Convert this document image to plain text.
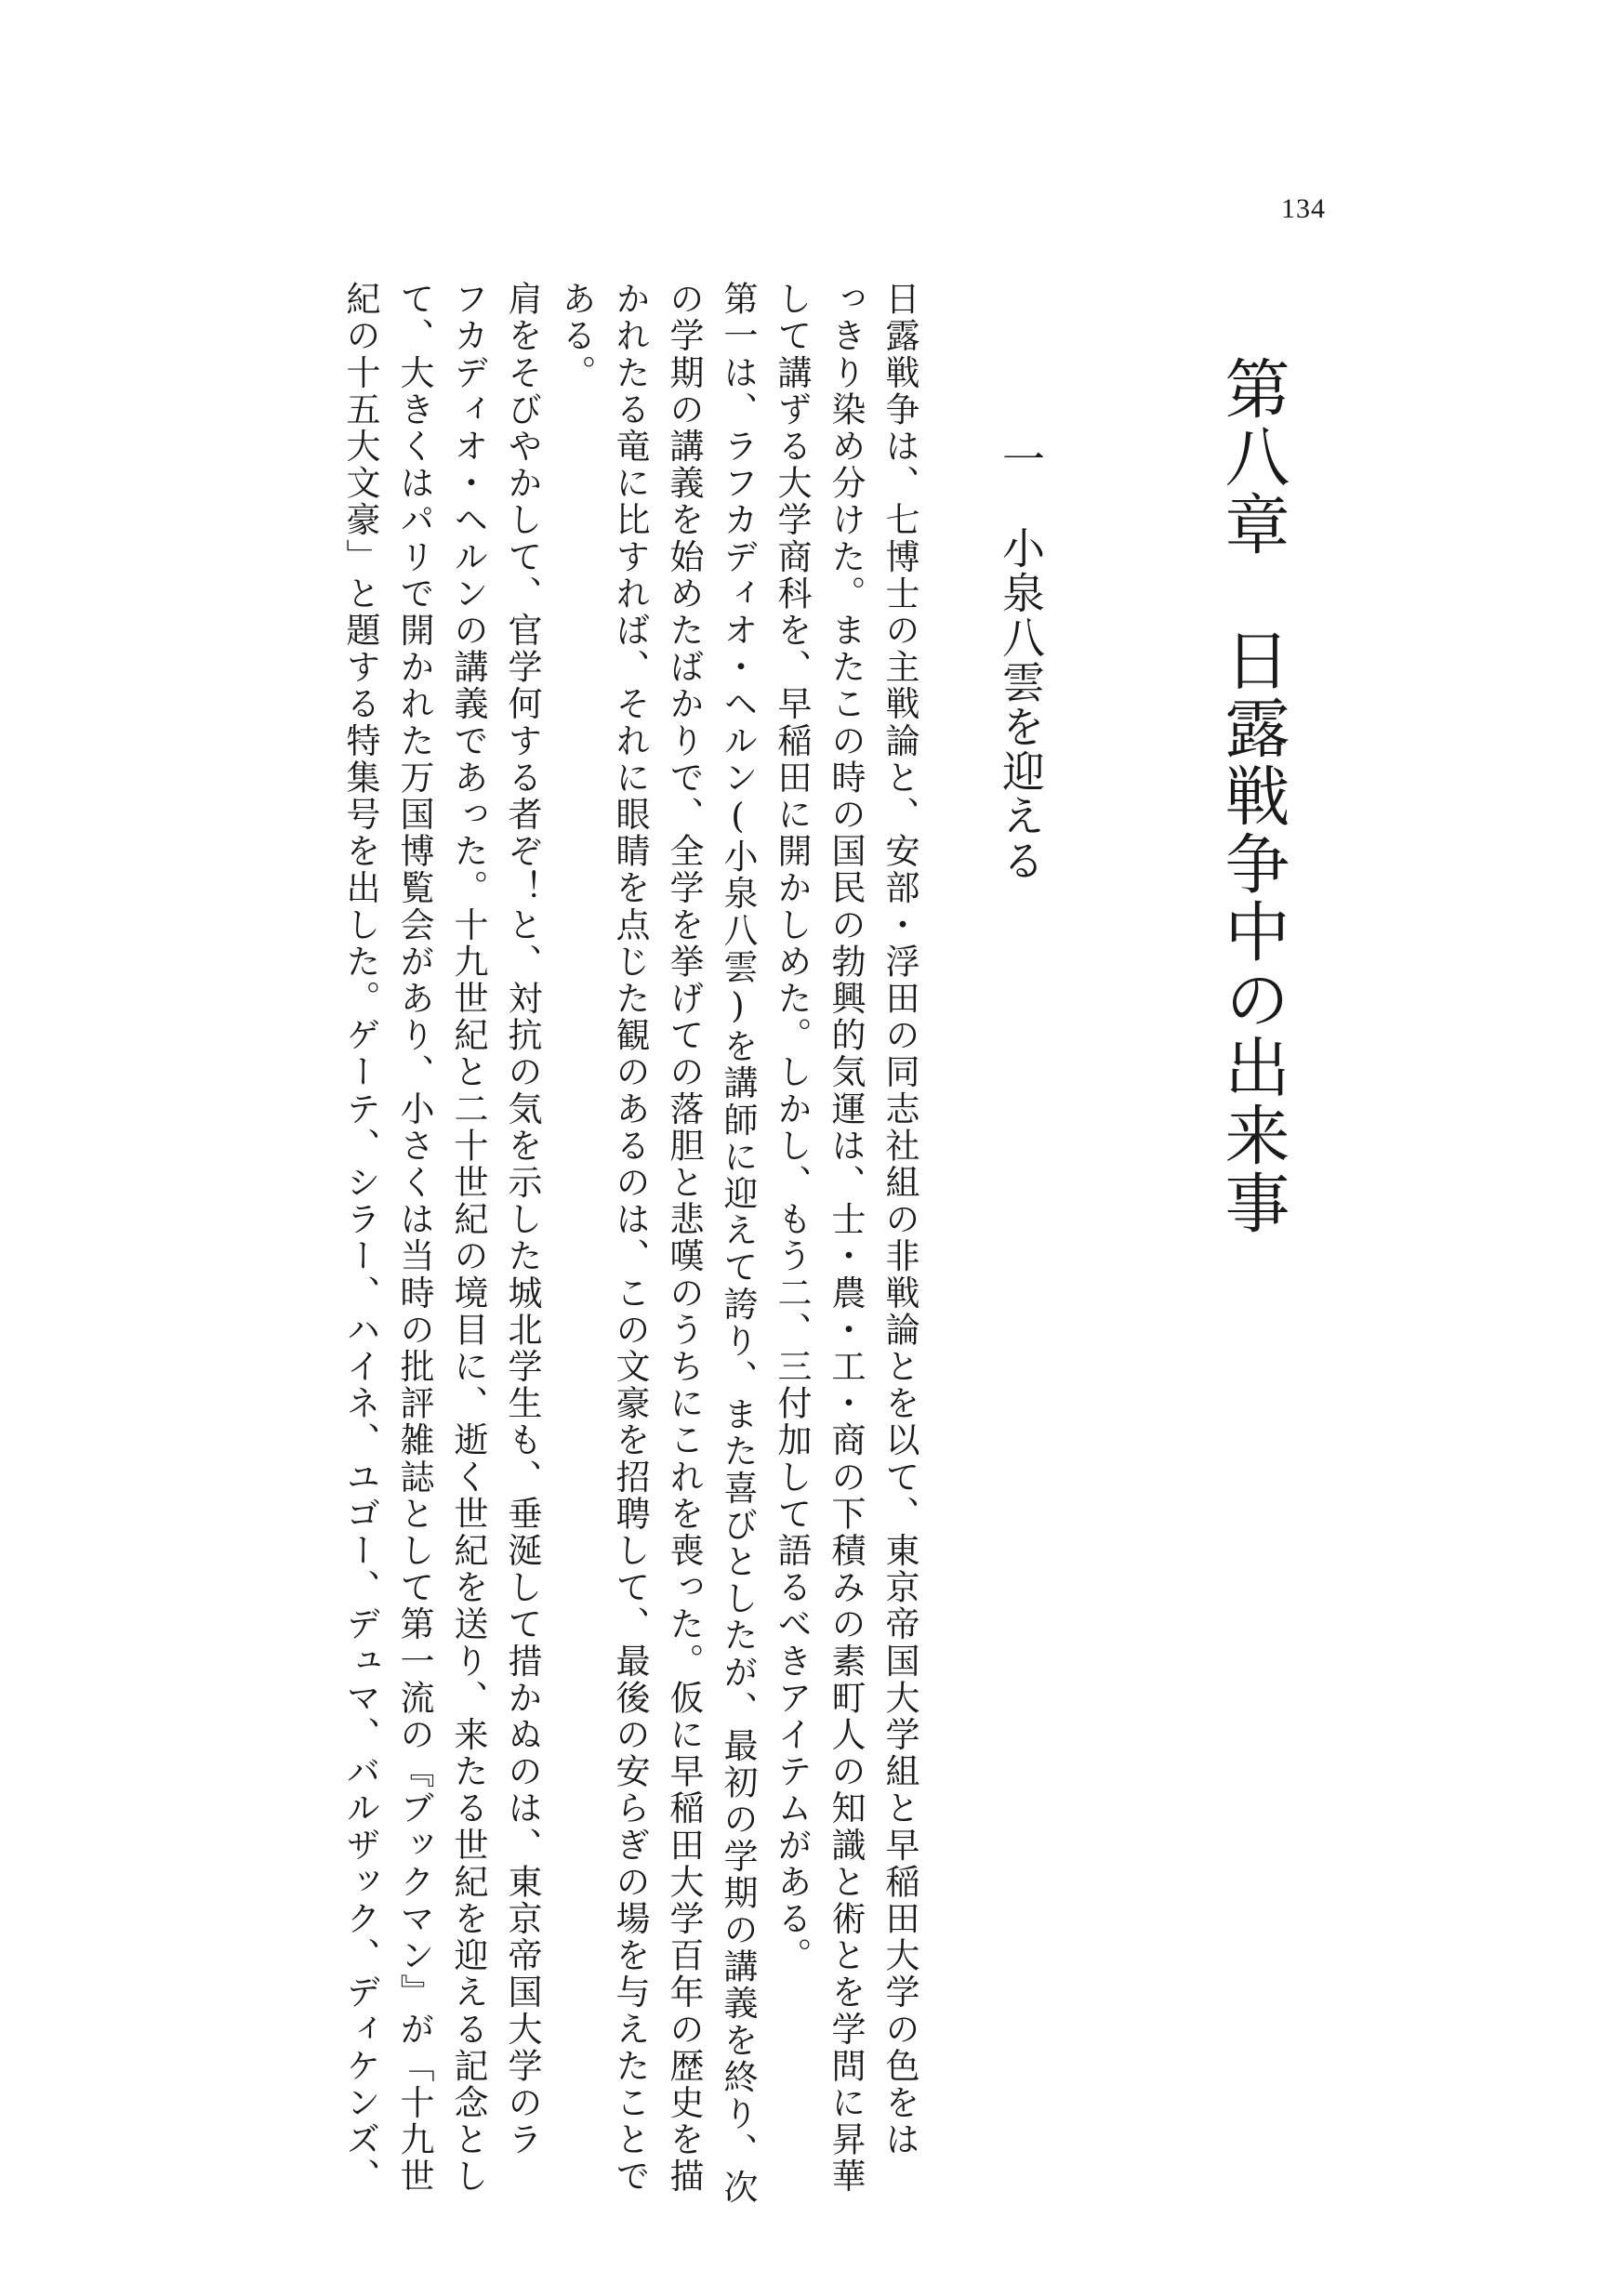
134
第八章　日露戦争中の出来事
一　小泉八雲を迎える
日露戦争は、七博士の主戦論と、安部・浮田の同志社組の非戦論とを以て、東京帝国大学組と早稲田大学の色をは
っきり染め分けた。またこの時の国民の勃興的気運は、士・農・工・商の下積みの素町人の知識と術とを学問に昇華
して講ずる大学商科を、早稲田に開かしめた。しかし、もう二、三付加して語るべきアイテムがある。
第一は、ラフカディオ・ヘルン(小泉八雲)を講師に迎えて誇り、また喜びとしたが、最初の学期の講義を終り、次
の学期の講義を始めたばかりで、全学を挙げての落胆と悲嘆のうちにこれを喪った。仮に早稲田大学百年の歴史を描
かれたる竜に比すれば、それに眼睛を点じた観のあるのは、この文豪を招聘して、最後の安らぎの場を与えたことで
ある。
肩をそびやかして、官学何する者ぞ！と、対抗の気を示した城北学生も、垂涎して措かぬのは、東京帝国大学のラ
フカディオ・ヘルンの講義であった。十九世紀と二十世紀の境目に、逝く世紀を送り、来たる世紀を迎える記念とし
て、大きくはパリで開かれた万国博覧会があり、小さくは当時の批評雑誌として第一流の『ブックマン』が「十九世
紀の十五大文豪」と題する特集号を出した。ゲーテ、シラー、ハイネ、ユゴー、デュマ、バルザック、ディケンズ、
